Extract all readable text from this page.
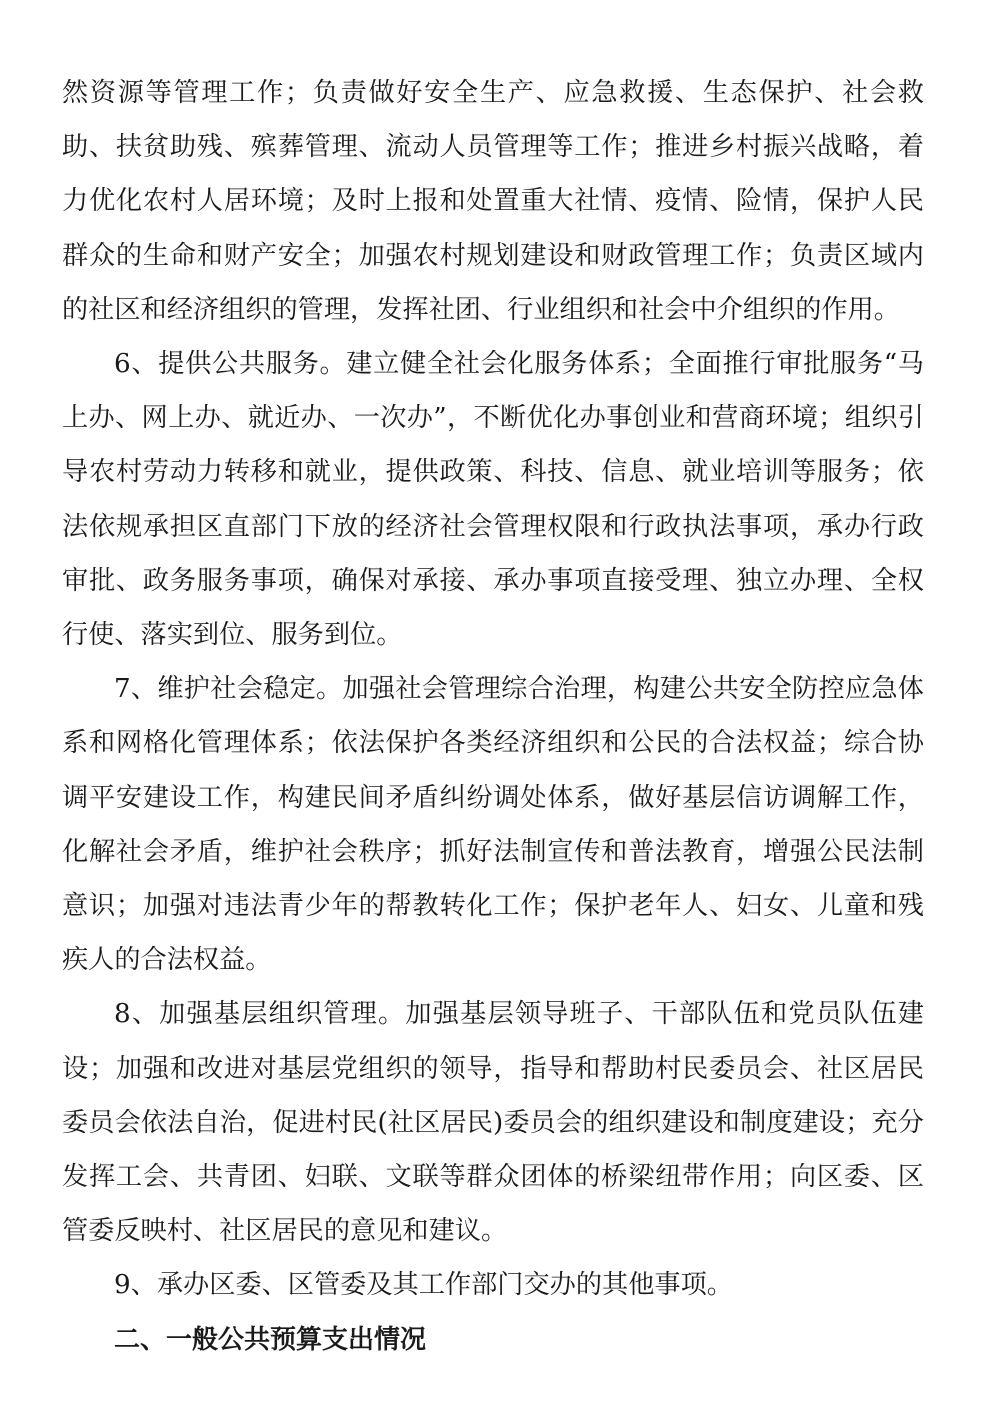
然资源等管理工作；负责做好安全生产、应急救援、生态保护、社会救助、扶贫助残、殡葬管理、流动人员管理等工作；推进乡村振兴战略，着力优化农村人居环境；及时上报和处置重大社情、疫情、险情，保护人民群众的生命和财产安全；加强农村规划建设和财政管理工作；负责区域内的社区和经济组织的管理，发挥社团、行业组织和社会中介组织的作用。

6、提供公共服务。建立健全社会化服务体系；全面推行审批服务“马上办、网上办、就近办、一次办”，不断优化办事创业和营商环境；组织引导农村劳动力转移和就业，提供政策、科技、信息、就业培训等服务；依法依规承担区直部门下放的经济社会管理权限和行政执法事项，承办行政审批、政务服务事项，确保对承接、承办事项直接受理、独立办理、全权行使、落实到位、服务到位。

7、维护社会稳定。加强社会管理综合治理，构建公共安全防控应急体系和网格化管理体系；依法保护各类经济组织和公民的合法权益；综合协调平安建设工作，构建民间矛盾纠纷调处体系，做好基层信访调解工作，化解社会矛盾，维护社会秩序；抓好法制宣传和普法教育，增强公民法制意识；加强对违法青少年的帮教转化工作；保护老年人、妇女、儿童和残疾人的合法权益。

8、加强基层组织管理。加强基层领导班子、干部队伍和党员队伍建设；加强和改进对基层党组织的领导，指导和帮助村民委员会、社区居民委员会依法自治，促进村民(社区居民)委员会的组织建设和制度建设；充分发挥工会、共青团、妇联、文联等群众团体的桥梁纽带作用；向区委、区管委反映村、社区居民的意见和建议。

9、承办区委、区管委及其工作部门交办的其他事项。

二、一般公共预算支出情况
